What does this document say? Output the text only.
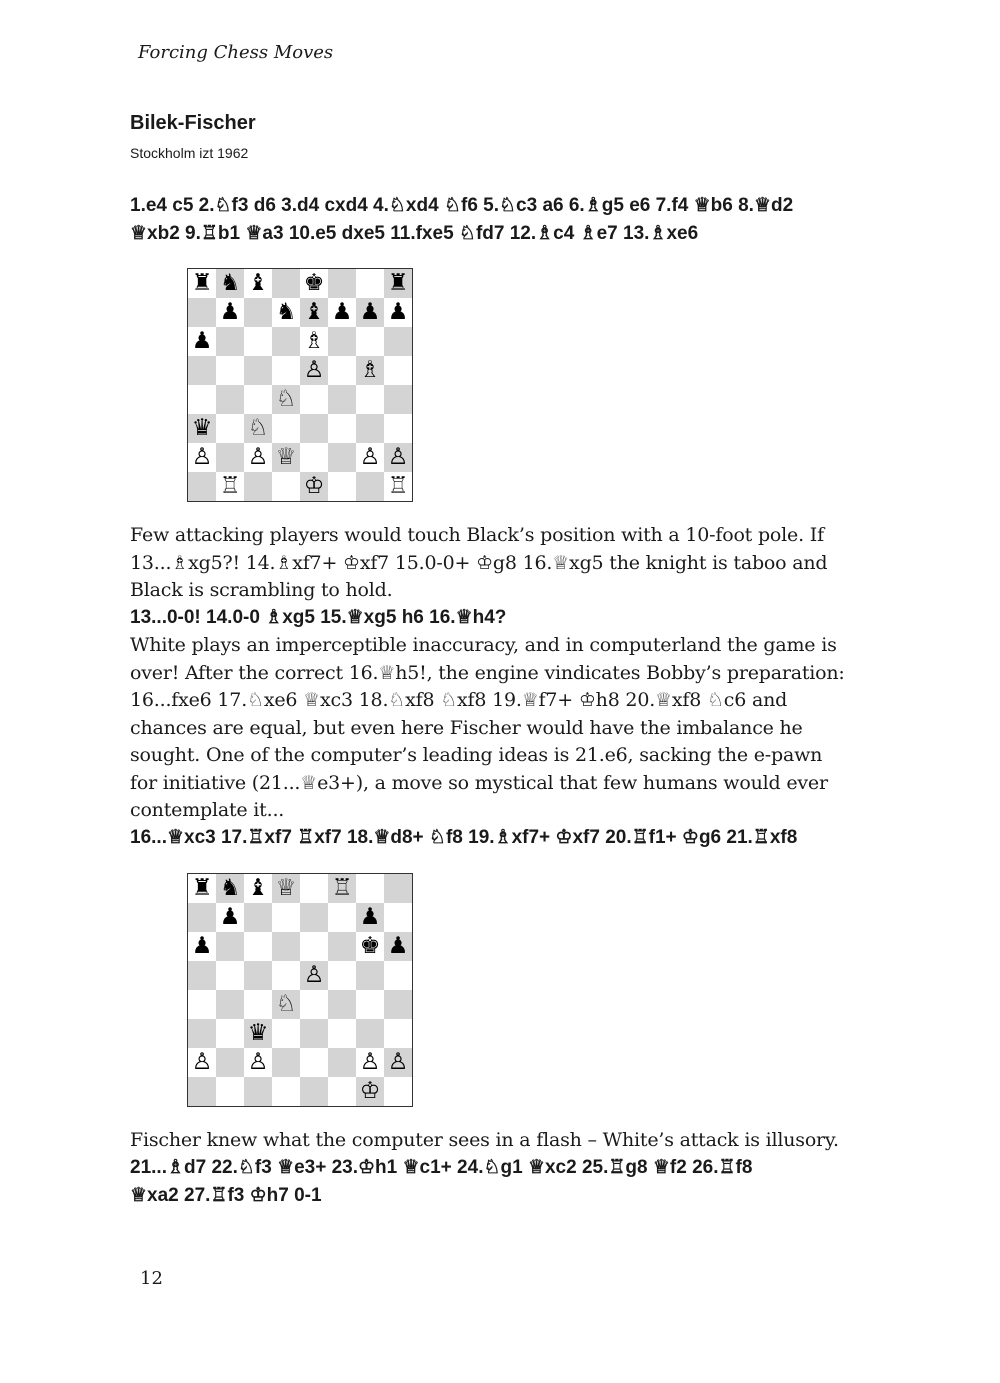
Forcing Chess Moves
Bilek-Fischer
Stockholm izt 1962
1.e4 c5 2.♘f3 d6 3.d4 cxd4 4.♘xd4 ♘f6 5.♘c3 a6 6.♗g5 e6 7.f4 ♕b6 8.♕d2
♕xb2 9.♖b1 ♕a3 10.e5 dxe5 11.fxe5 ♘fd7 12.♗c4 ♗e7 13.♗xe6
♜ ♞ ♝ ♚	♜
♟ ♞ ♝ ♟ ♟ ♟
♟	♗
♙ ♗
♘
♛ ♘
♙ ♙ ♕	♙ ♙
♖	♔	♖
Few attacking players would touch Black’s position with a 10-foot pole. If
13...♗xg5?! 14.♗xf7+ ♔xf7 15.0-0+ ♔g8 16.♕xg5 the knight is taboo and
Black is scrambling to hold.
13...0-0! 14.0-0 ♗xg5 15.♕xg5 h6 16.♕h4?
White plays an imperceptible inaccuracy, and in computerland the game is
over! After the correct 16.♕h5!, the engine vindicates Bobby’s preparation:
16...fxe6 17.♘xe6 ♕xc3 18.♘xf8 ♘xf8 19.♕f7+ ♔h8 20.♕xf8 ♘c6 and
chances are equal, but even here Fischer would have the imbalance he
sought. One of the computer’s leading ideas is 21.e6, sacking the e-pawn
for initiative (21...♕e3+), a move so mystical that few humans would ever
contemplate it...
16...♕xc3 17.♖xf7 ♖xf7 18.♕d8+ ♘f8 19.♗xf7+ ♔xf7 20.♖f1+ ♔g6 21.♖xf8
♜ ♞ ♝ ♕ ♖
♟	♟
♟	♚ ♟
♙
♘
♛
♙ ♙	♙ ♙
♔
Fischer knew what the computer sees in a flash – White’s attack is illusory.
21...♗d7 22.♘f3 ♕e3+ 23.♔h1 ♕c1+ 24.♘g1 ♕xc2 25.♖g8 ♕f2 26.♖f8
♕xa2 27.♖f3 ♔h7 0-1
12
